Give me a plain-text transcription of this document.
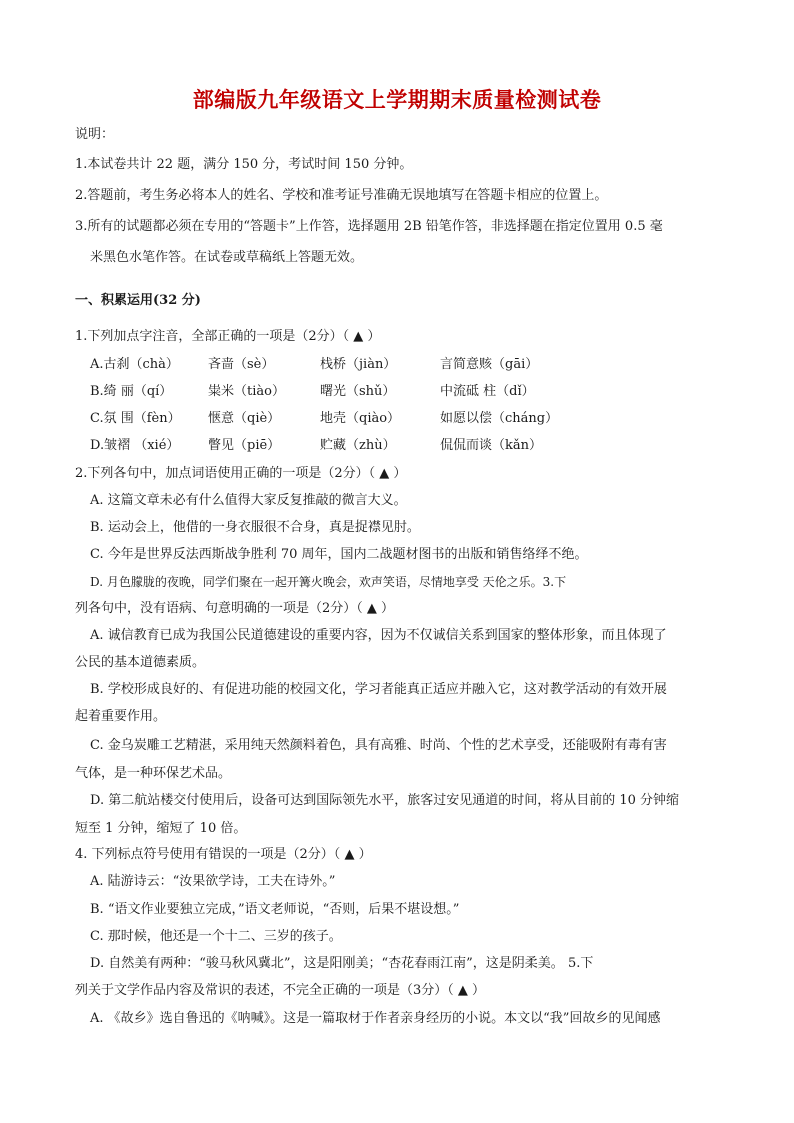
部编版九年级语文上学期期末质量检测试卷
说明：
1.本试卷共计 22 题，满分 150 分，考试时间 150 分钟。
2.答题前，考生务必将本人的姓名、学校和准考证号准确无误地填写在答题卡相应的位置上。
3.所有的试题都必须在专用的“答题卡”上作答，选择题用 2B 铅笔作答，非选择题在指定位置用 0.5 毫
米黑色水笔作答。在试卷或草稿纸上答题无效。
一、积累运用(32 分)
1.下列加点字注音，全部正确的一项是（2分）（ ▲ ）
A.古刹（chà） 吝啬（sè）	栈桥（jiàn）	言简意赅（gāi）
B.绮 丽（qí）	粜米（tiào）	曙光（shǔ）	中流砥 柱（dǐ）
C.氛 围（fèn） 惬意（qiè）	地壳（qiào）	如愿以偿（cháng）
D.皱褶 （xié） 瞥见（piē）	贮藏（zhù）	侃侃而谈（kǎn）
2.下列各句中，加点词语使用正确的一项是（2分）（ ▲ ）
A. 这篇文章未必有什么值得大家反复推敲的微言大义。
B. 运动会上，他借的一身衣服很不合身，真是捉襟见肘。
C. 今年是世界反法西斯战争胜利 70 周年，国内二战题材图书的出版和销售络绎不绝。
D. 月色朦胧的夜晚，同学们聚在一起开篝火晚会，欢声笑语，尽情地享受 天伦之乐。3.下
列各句中，没有语病、句意明确的一项是（2分）（ ▲ ）
A. 诚信教育已成为我国公民道德建设的重要内容，因为不仅诚信关系到国家的整体形象，而且体现了
公民的基本道德素质。
B. 学校形成良好的、有促进功能的校园文化，学习者能真正适应并融入它，这对教学活动的有效开展
起着重要作用。
C. 金乌炭雕工艺精湛，采用纯天然颜料着色，具有高雅、时尚、个性的艺术享受，还能吸附有毒有害
气体，是一种环保艺术品。
D. 第二航站楼交付使用后，设备可达到国际领先水平，旅客过安见通道的时间，将从目前的 10 分钟缩
短至 1 分钟，缩短了 10 倍。
4. 下列标点符号使用有错误的一项是（2分）（ ▲ ）
A. 陆游诗云：“汝果欲学诗，工夫在诗外。”
B. “语文作业要独立完成，”语文老师说，“否则，后果不堪设想。”
C. 那时候，他还是一个十二、三岁的孩子。
D. 自然美有两种：“骏马秋风冀北”，这是阳刚美；“杏花春雨江南”，这是阴柔美。 5.下
列关于文学作品内容及常识的表述，不完全正确的一项是（3分）（ ▲ ）
A. 《故乡》选自鲁迅的《呐喊》。这是一篇取材于作者亲身经历的小说。本文以“我”回故乡的见闻感
